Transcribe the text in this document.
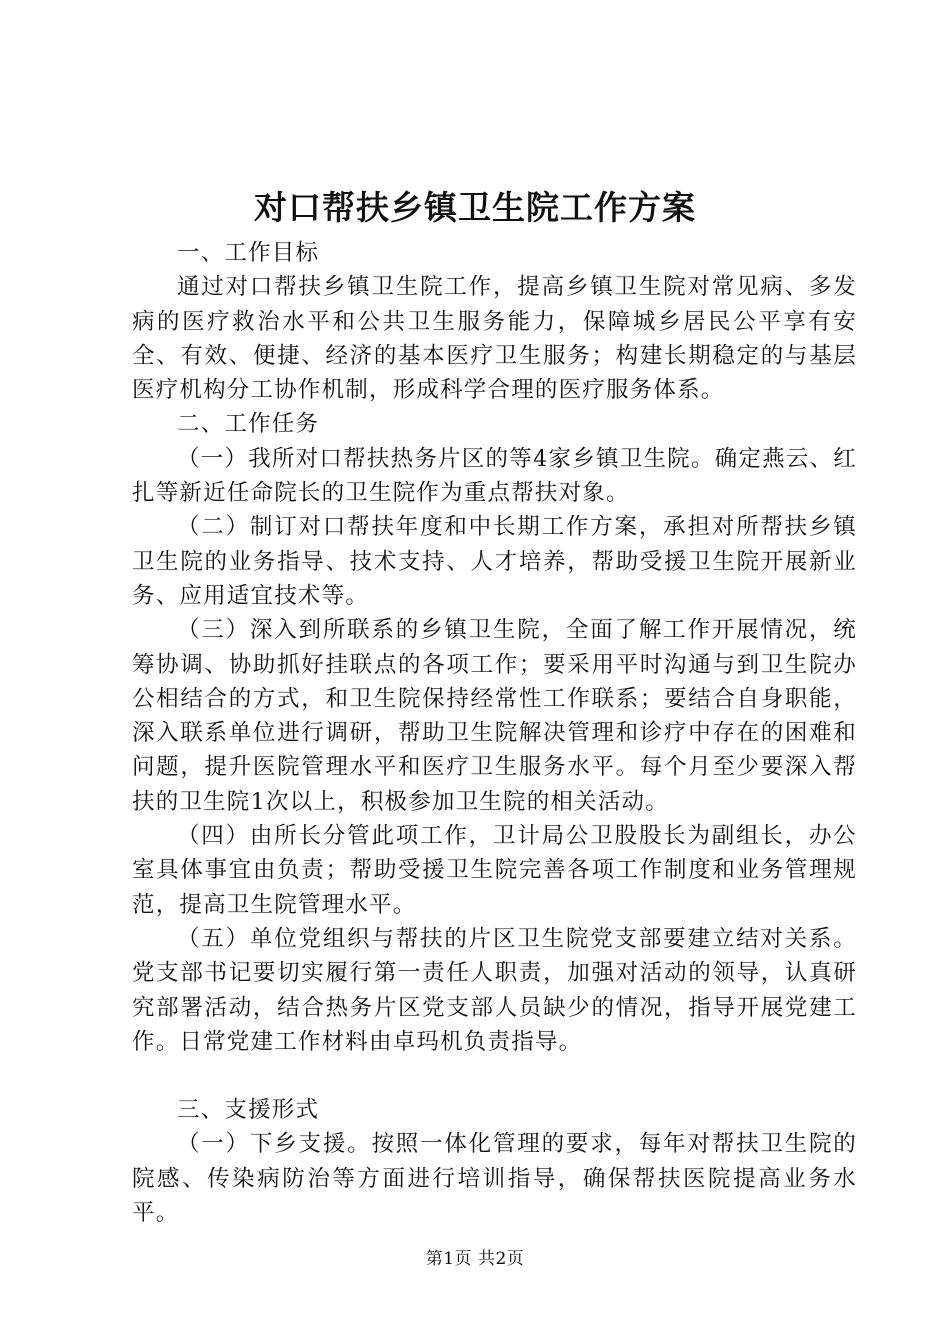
对口帮扶乡镇卫生院工作方案

一、工作目标

通过对口帮扶乡镇卫生院工作，提高乡镇卫生院对常见病、多发病的医疗救治水平和公共卫生服务能力，保障城乡居民公平享有安全、有效、便捷、经济的基本医疗卫生服务；构建长期稳定的与基层医疗机构分工协作机制，形成科学合理的医疗服务体系。

二、工作任务

（一）我所对口帮扶热务片区的等4家乡镇卫生院。确定燕云、红扎等新近任命院长的卫生院作为重点帮扶对象。

（二）制订对口帮扶年度和中长期工作方案，承担对所帮扶乡镇卫生院的业务指导、技术支持、人才培养，帮助受援卫生院开展新业务、应用适宜技术等。

（三）深入到所联系的乡镇卫生院，全面了解工作开展情况，统筹协调、协助抓好挂联点的各项工作；要采用平时沟通与到卫生院办公相结合的方式，和卫生院保持经常性工作联系；要结合自身职能，深入联系单位进行调研，帮助卫生院解决管理和诊疗中存在的困难和问题，提升医院管理水平和医疗卫生服务水平。每个月至少要深入帮扶的卫生院1次以上，积极参加卫生院的相关活动。

（四）由所长分管此项工作，卫计局公卫股股长为副组长，办公室具体事宜由负责；帮助受援卫生院完善各项工作制度和业务管理规范，提高卫生院管理水平。

（五）单位党组织与帮扶的片区卫生院党支部要建立结对关系。党支部书记要切实履行第一责任人职责，加强对活动的领导，认真研究部署活动，结合热务片区党支部人员缺少的情况，指导开展党建工作。日常党建工作材料由卓玛机负责指导。

三、支援形式

（一）下乡支援。按照一体化管理的要求，每年对帮扶卫生院的院感、传染病防治等方面进行培训指导，确保帮扶医院提高业务水平。

第1页 共2页
